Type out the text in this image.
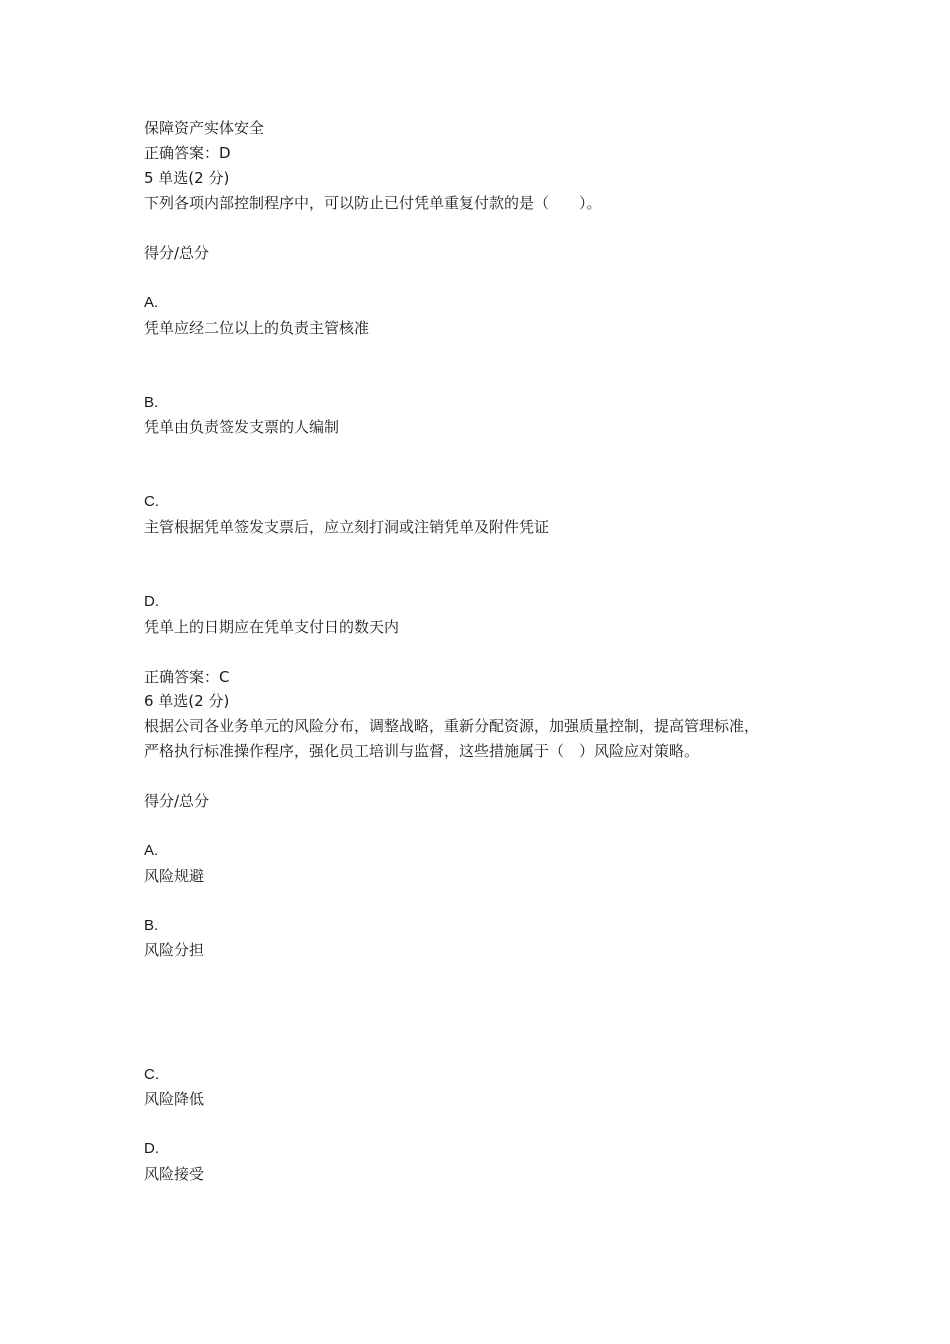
保障资产实体安全
正确答案：D
5 单选(2 分)
下列各项内部控制程序中，可以防止已付凭单重复付款的是（　　）。
得分/总分
A.
凭单应经二位以上的负责主管核准
B.
凭单由负责签发支票的人编制
C.
主管根据凭单签发支票后，应立刻打洞或注销凭单及附件凭证
D.
凭单上的日期应在凭单支付日的数天内
正确答案：C
6 单选(2 分)
根据公司各业务单元的风险分布，调整战略，重新分配资源，加强质量控制，提高管理标准，
严格执行标准操作程序，强化员工培训与监督，这些措施属于（　）风险应对策略。
得分/总分
A.
风险规避
B.
风险分担
C.
风险降低
D.
风险接受
